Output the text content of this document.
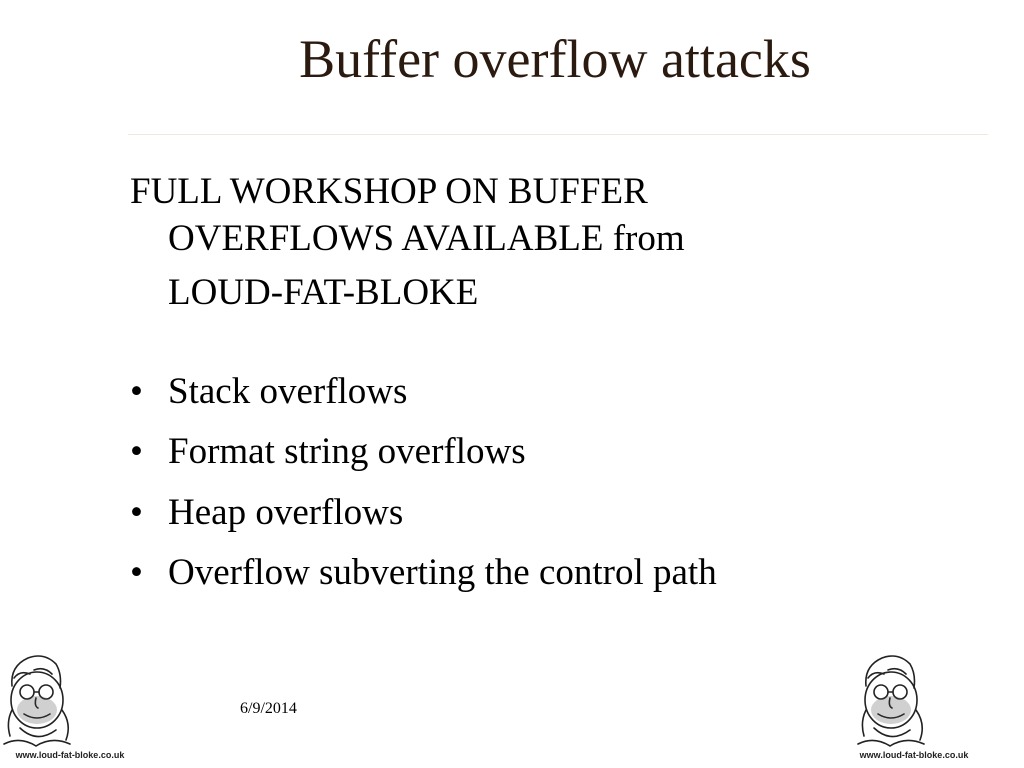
Buffer overflow attacks
FULL WORKSHOP ON BUFFER
OVERFLOWS AVAILABLE from
LOUD-FAT-BLOKE
• Stack overflows
• Format string overflows
• Heap overflows
• Overflow subverting the control path
6/9/2014
www.loud-fat-bloke.co.uk	www.loud-fat-bloke.co.uk
